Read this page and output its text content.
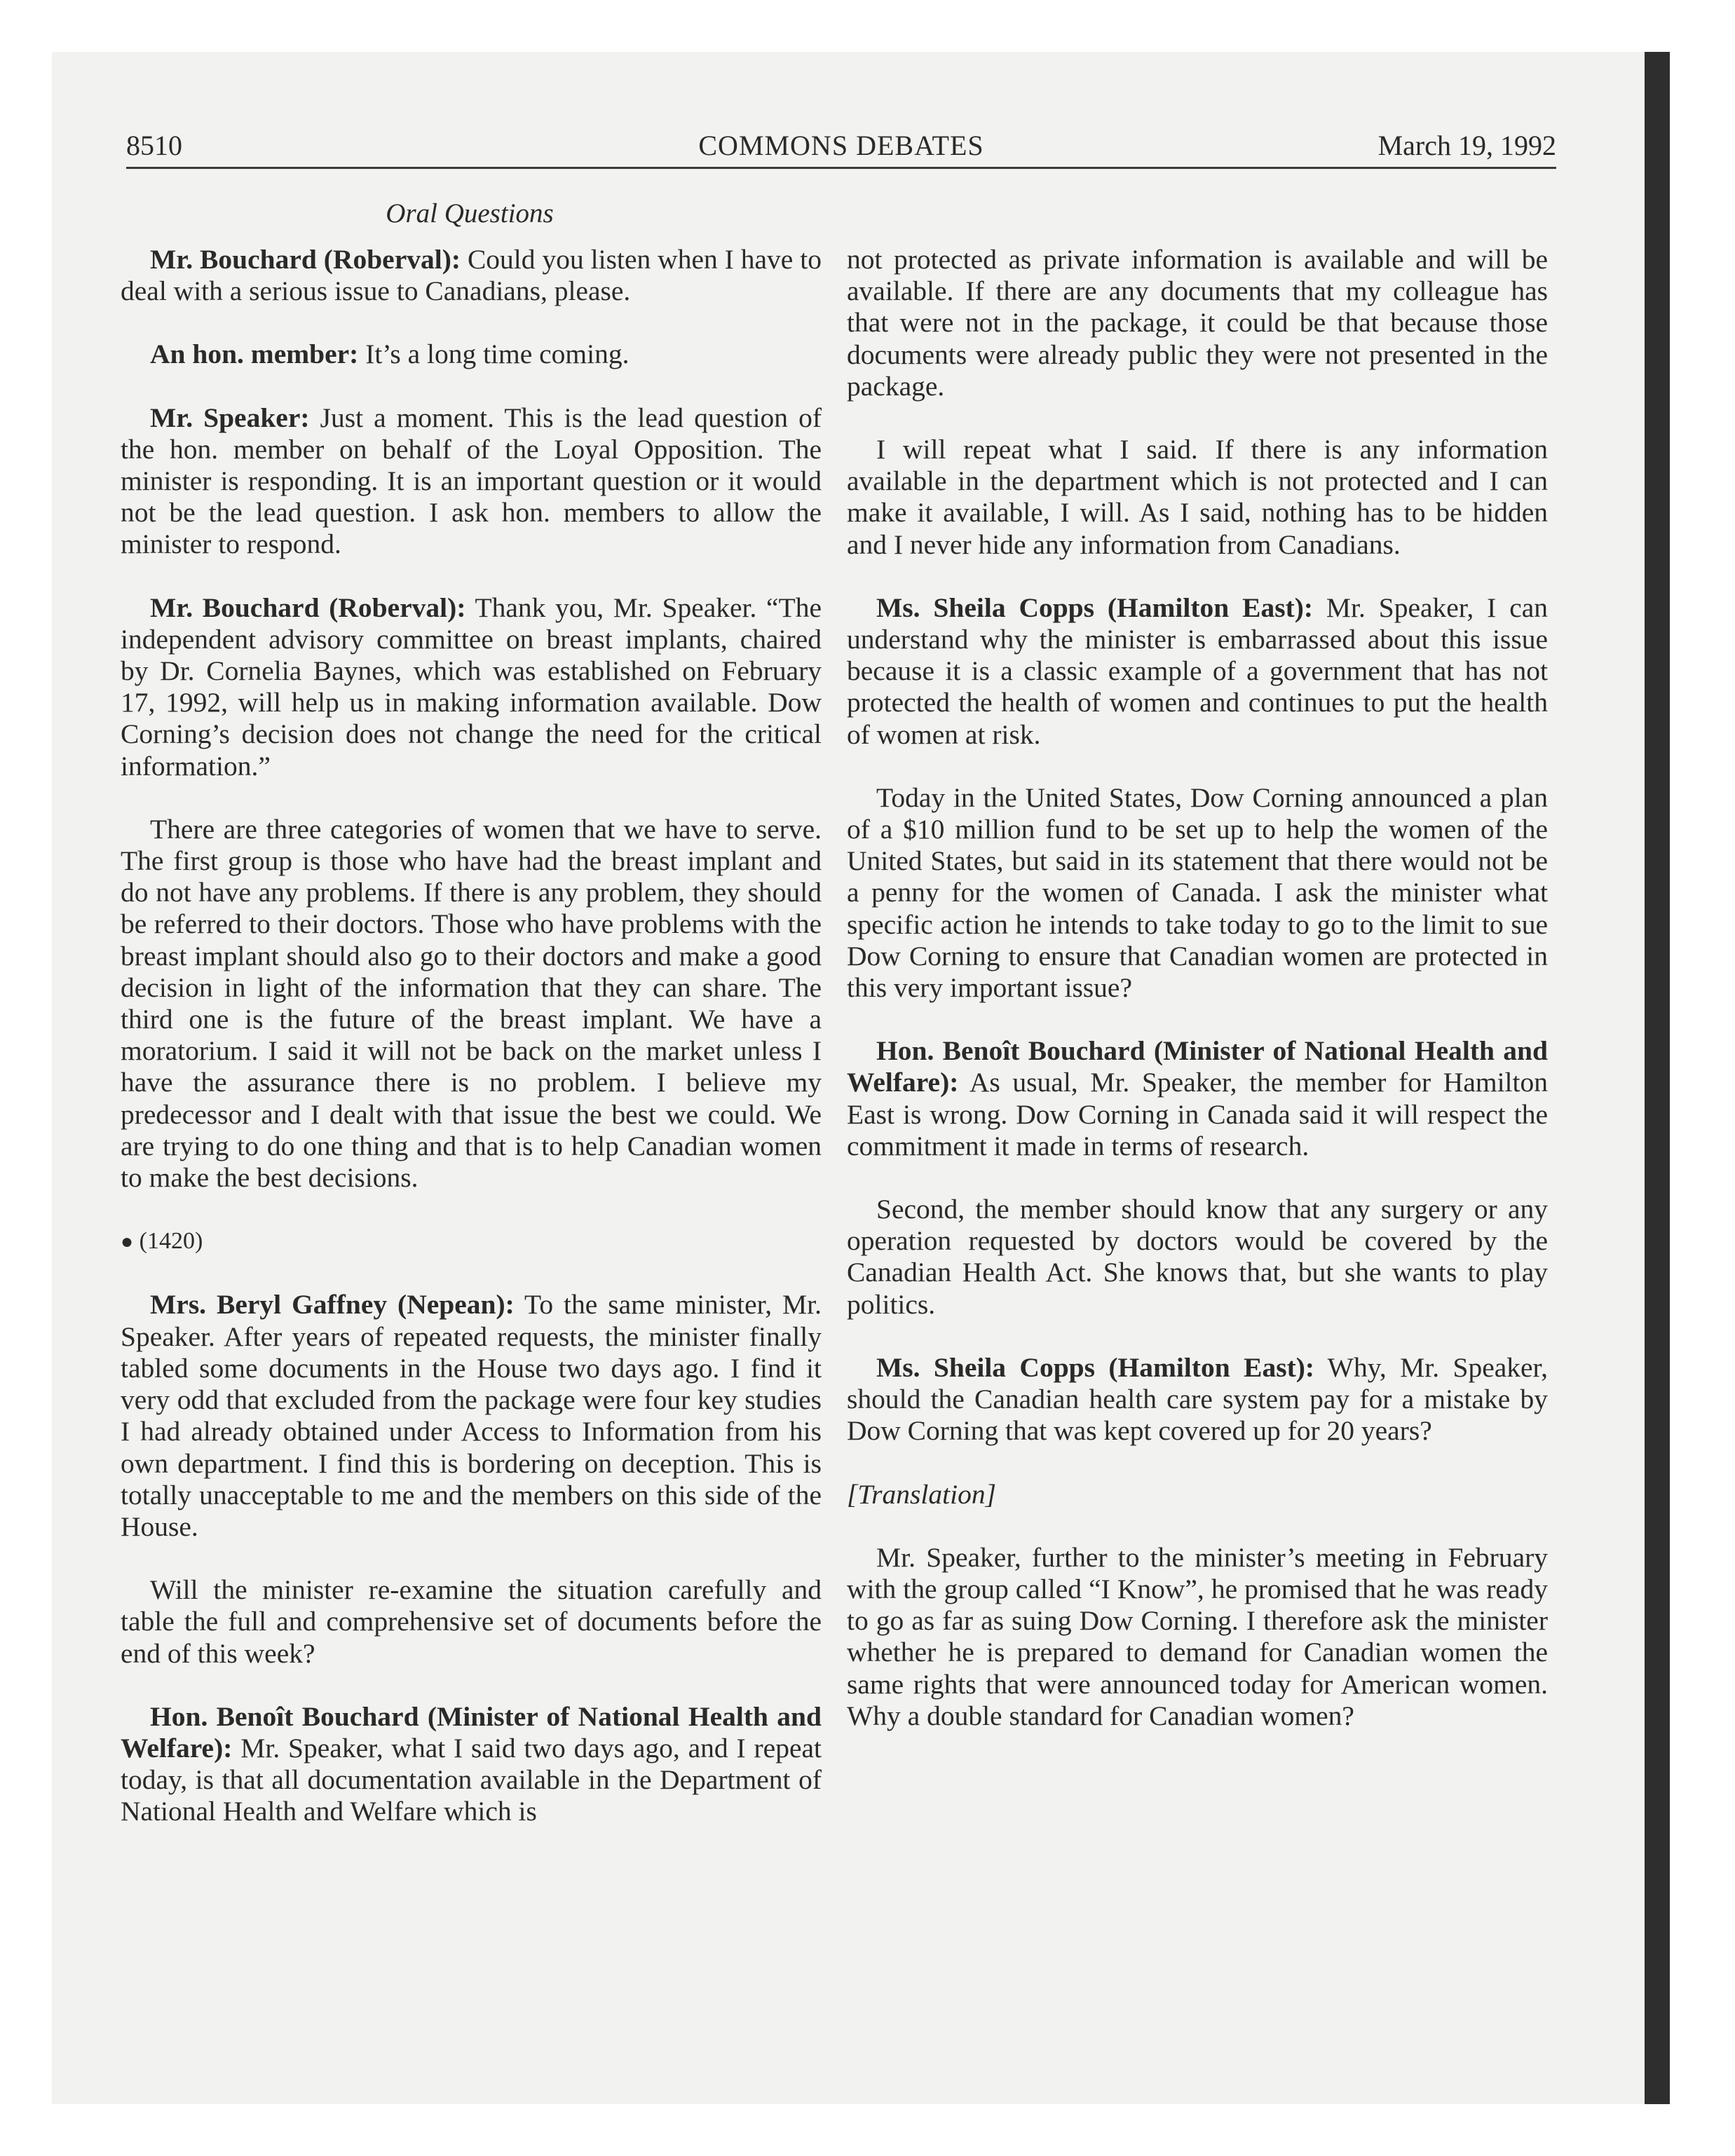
8510	COMMONS DEBATES	March 19, 1992
Oral Questions

Mr. Bouchard (Roberval): Could you listen when I have to deal with a serious issue to Canadians, please.

An hon. member: It’s a long time coming.

Mr. Speaker: Just a moment. This is the lead question of the hon. member on behalf of the Loyal Opposition. The minister is responding. It is an important question or it would not be the lead question. I ask hon. members to allow the minister to respond.

Mr. Bouchard (Roberval): Thank you, Mr. Speaker. “The independent advisory committee on breast implants, chaired by Dr. Cornelia Baynes, which was established on February 17, 1992, will help us in making information available. Dow Corning’s decision does not change the need for the critical information.”

There are three categories of women that we have to serve. The first group is those who have had the breast implant and do not have any problems. If there is any problem, they should be referred to their doctors. Those who have problems with the breast implant should also go to their doctors and make a good decision in light of the information that they can share. The third one is the future of the breast implant. We have a moratorium. I said it will not be back on the market unless I have the assurance there is no problem. I believe my predecessor and I dealt with that issue the best we could. We are trying to do one thing and that is to help Canadian women to make the best decisions.

● (1420)

Mrs. Beryl Gaffney (Nepean): To the same minister, Mr. Speaker. After years of repeated requests, the minister finally tabled some documents in the House two days ago. I find it very odd that excluded from the package were four key studies I had already obtained under Access to Information from his own department. I find this is bordering on deception. This is totally unacceptable to me and the members on this side of the House.

Will the minister re-examine the situation carefully and table the full and comprehensive set of documents before the end of this week?

Hon. Benoît Bouchard (Minister of National Health and Welfare): Mr. Speaker, what I said two days ago, and I repeat today, is that all documentation available in the Department of National Health and Welfare which is

not protected as private information is available and will be available. If there are any documents that my colleague has that were not in the package, it could be that because those documents were already public they were not presented in the package.

I will repeat what I said. If there is any information available in the department which is not protected and I can make it available, I will. As I said, nothing has to be hidden and I never hide any information from Canadians.

Ms. Sheila Copps (Hamilton East): Mr. Speaker, I can understand why the minister is embarrassed about this issue because it is a classic example of a government that has not protected the health of women and continues to put the health of women at risk.

Today in the United States, Dow Corning announced a plan of a $10 million fund to be set up to help the women of the United States, but said in its statement that there would not be a penny for the women of Canada. I ask the minister what specific action he intends to take today to go to the limit to sue Dow Corning to ensure that Canadian women are protected in this very important issue?

Hon. Benoît Bouchard (Minister of National Health and Welfare): As usual, Mr. Speaker, the member for Hamilton East is wrong. Dow Corning in Canada said it will respect the commitment it made in terms of research.

Second, the member should know that any surgery or any operation requested by doctors would be covered by the Canadian Health Act. She knows that, but she wants to play politics.

Ms. Sheila Copps (Hamilton East): Why, Mr. Speaker, should the Canadian health care system pay for a mistake by Dow Corning that was kept covered up for 20 years?

[Translation]

Mr. Speaker, further to the minister’s meeting in February with the group called “I Know”, he promised that he was ready to go as far as suing Dow Corning. I therefore ask the minister whether he is prepared to demand for Canadian women the same rights that were announced today for American women. Why a double standard for Canadian women?
